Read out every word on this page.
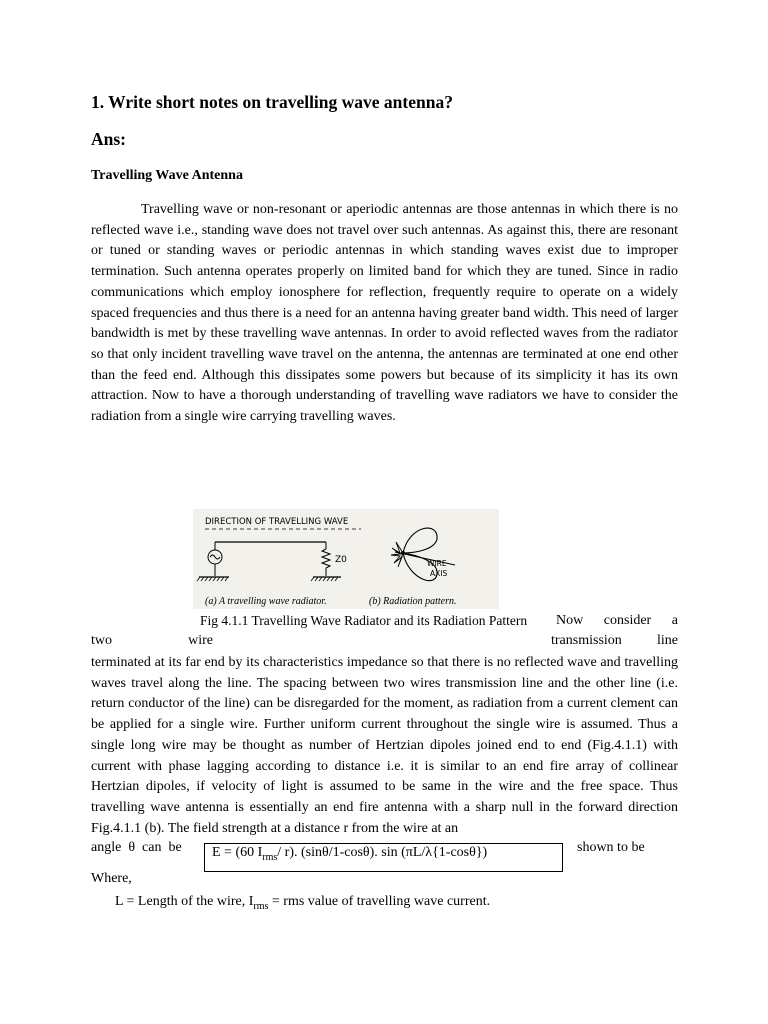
1. Write short notes on travelling wave antenna?
Ans:
Travelling Wave Antenna

Travelling wave or non-resonant or aperiodic antennas are those antennas in which there is no reflected wave i.e., standing wave does not travel over such antennas. As against this, there are resonant or tuned or standing waves or periodic antennas in which standing waves exist due to improper termination. Such antenna operates properly on limited band for which they are tuned. Since in radio communications which employ ionosphere for reflection, frequently require to operate on a widely spaced frequencies and thus there is a need for an antenna having greater band width. This need of larger bandwidth is met by these travelling wave antennas. In order to avoid reflected waves from the radiator so that only incident travelling wave travel on the antenna, the antennas are terminated at one end other than the feed end. Although this dissipates some powers but because of its simplicity it has its own attraction. Now to have a thorough understanding of travelling wave radiators we have to consider the radiation from a single wire carrying travelling waves.

DIRECTION OF TRAVELLING WAVE
Z0	WIRE
AXIS
(a) A travelling wave radiator.	(b) Radiation pattern.

Fig 4.1.1 Travelling Wave Radiator and its Radiation Pattern Now consider a

two	wire	transmission	line

terminated at its far end by its characteristics impedance so that there is no reflected wave and travelling waves travel along the line. The spacing between two wires transmission line and the other line (i.e. return conductor of the line) can be disregarded for the moment, as radiation from a current clement can be applied for a single wire. Further uniform current throughout the single wire is assumed. Thus a single long wire may be thought as number of Hertzian dipoles joined end to end (Fig.4.1.1) with current with phase lagging according to distance i.e. it is similar to an end fire array of collinear Hertzian dipoles, if velocity of light is assumed to be same in the wire and the free space. Thus travelling wave antenna is essentially an end fire antenna with a sharp null in the forward direction Fig.4.1.1 (b). The field strength at a distance r from the wire at an

angle  θ  can  be	E = (60 $I_{rms}/$ r). (sinθ/1-cosθ). sin (πL/λ{1-cosθ})	shown to be

Where,

L = Length of the wire, $I_{rms}$ = rms value of travelling wave current.
